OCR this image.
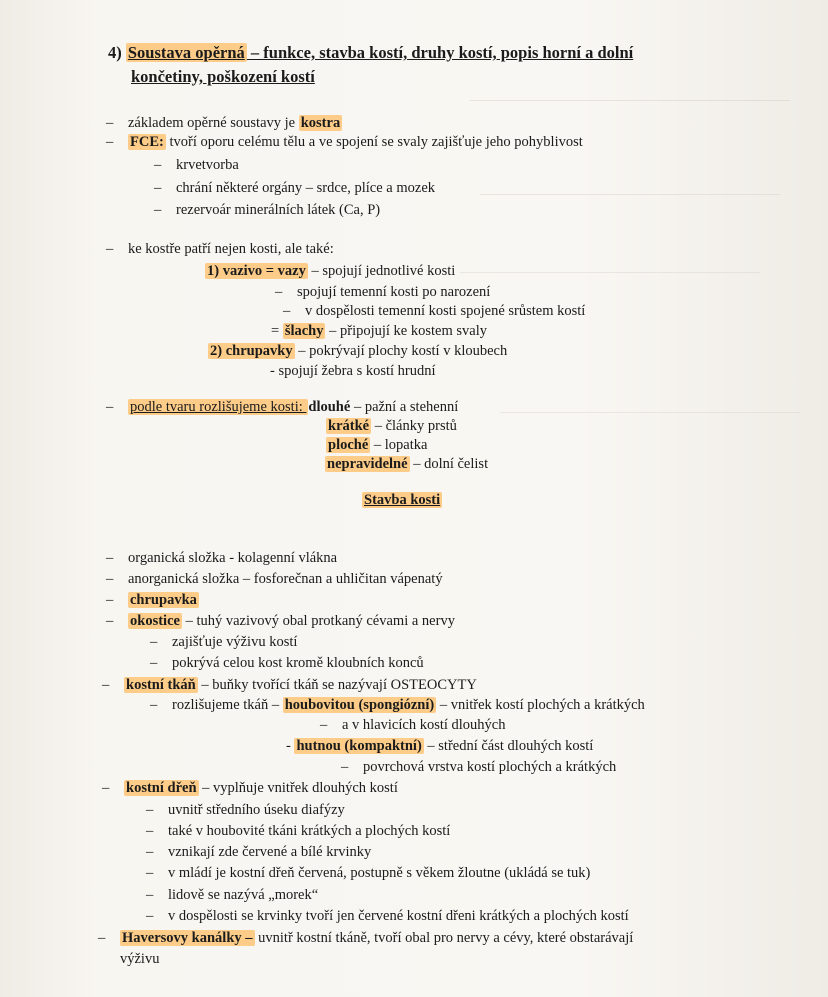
4) Soustava opěrná – funkce, stavba kostí, druhy kostí, popis horní a dolní
končetiny, poškození kostí
– základem opěrné soustavy je kostra
– FCE: tvoří oporu celému tělu a ve spojení se svaly zajišťuje jeho pohyblivost
– krvetvorba
– chrání některé orgány – srdce, plíce a mozek
– rezervoár minerálních látek (Ca, P)
– ke kostře patří nejen kosti, ale také:
1) vazivo = vazy – spojují jednotlivé kosti
– spojují temenní kosti po narození
– v dospělosti temenní kosti spojené srůstem kostí
= šlachy – připojují ke kostem svaly
2) chrupavky – pokrývají plochy kostí v kloubech
- spojují žebra s kostí hrudní
– podle tvaru rozlišujeme kosti: dlouhé – pažní a stehenní
krátké – články prstů
ploché – lopatka
nepravidelné – dolní čelist
Stavba kosti
– organická složka - kolagenní vlákna
– anorganická složka – fosforečnan a uhličitan vápenatý
– chrupavka
– okostice – tuhý vazivový obal protkaný cévami a nervy
– zajišťuje výživu kostí
– pokrývá celou kost kromě kloubních konců
– kostní tkáň – buňky tvořící tkáň se nazývají OSTEOCYTY
– rozlišujeme tkáň – houbovitou (spongiózní) – vnitřek kostí plochých a krátkých
– a v hlavicích kostí dlouhých
- hutnou (kompaktní) – střední část dlouhých kostí
– povrchová vrstva kostí plochých a krátkých
– kostní dřeň – vyplňuje vnitřek dlouhých kostí
– uvnitř středního úseku diafýzy
– také v houbovité tkáni krátkých a plochých kostí
– vznikají zde červené a bílé krvinky
– v mládí je kostní dřeň červená, postupně s věkem žloutne (ukládá se tuk)
– lidově se nazývá „morek“
– v dospělosti se krvinky tvoří jen červené kostní dřeni krátkých a plochých kostí
– Haversovy kanálky – uvnitř kostní tkáně, tvoří obal pro nervy a cévy, které obstarávají
výživu
